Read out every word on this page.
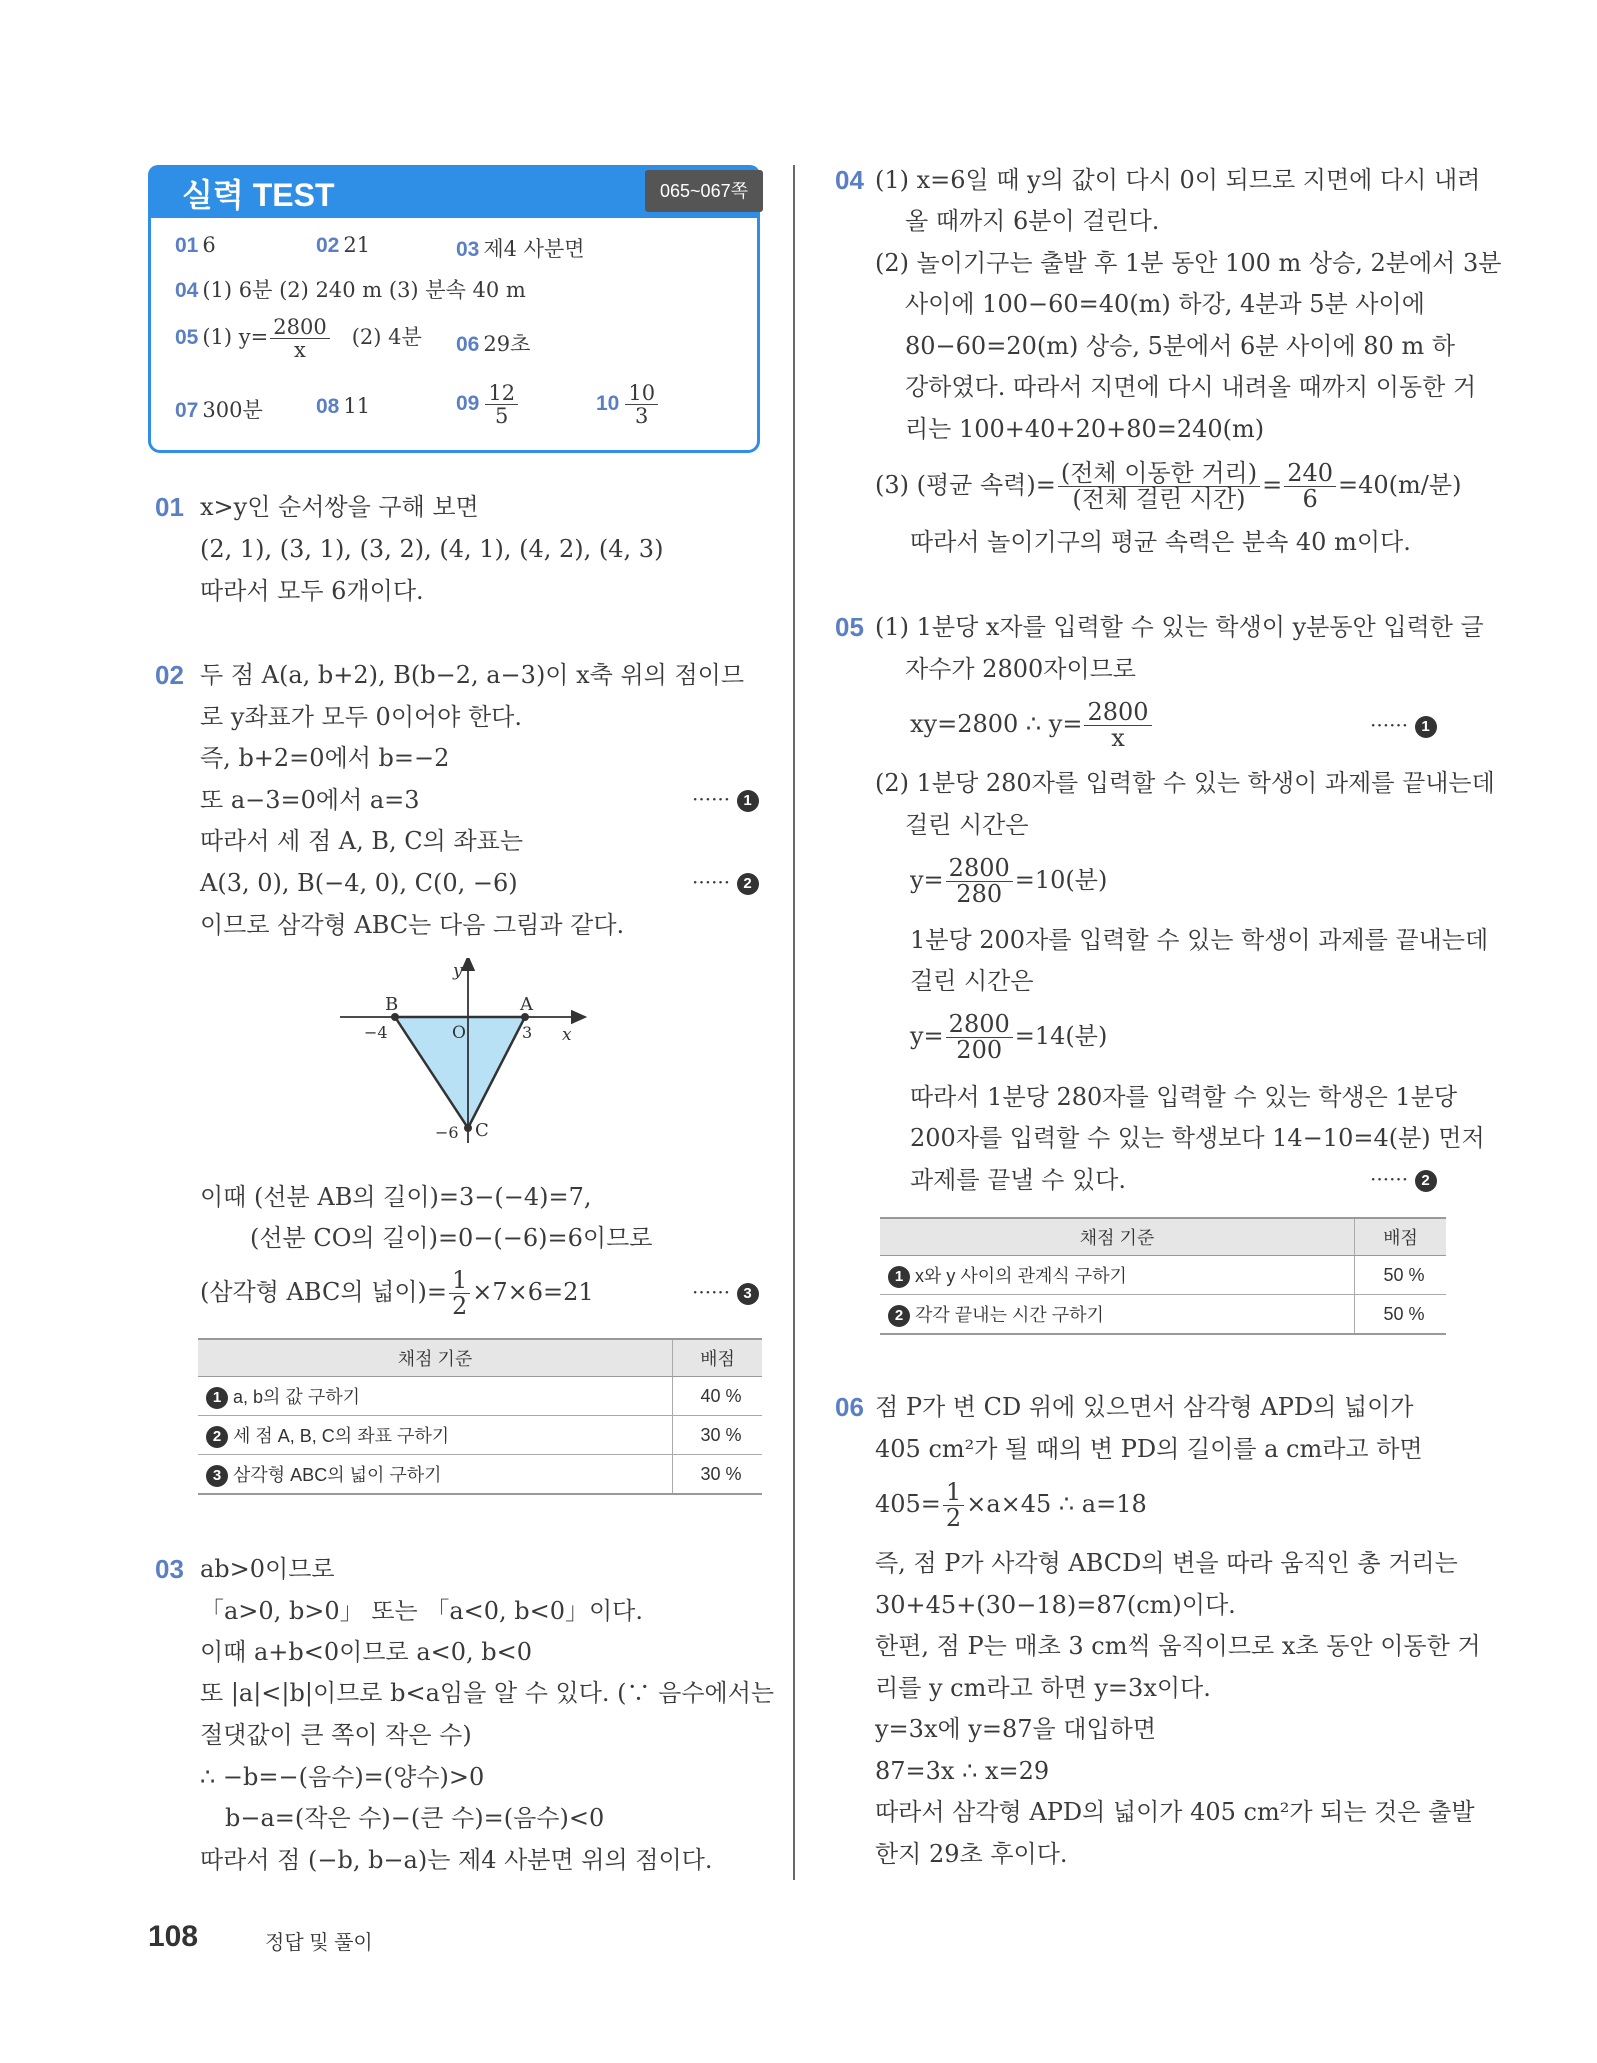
실력 TEST	065~067쪽
01 6	02 21	03 제4 사분면
04 (1) 6분 (2) 240 m (3) 분속 40 m
05 (1) $y= \frac{2800}{x} (2)$ 4분 06 29초
07 300분	08 11	$09 \frac{12}{5}$	$10 \frac{10}{3}$
01 x>y인 순서쌍을 구해 보면
(2, 1), (3, 1), (3, 2), (4, 1), (4, 2), (4, 3)
따라서 모두 6개이다.
02 두 점 A(a, b+2), B(b−2, a−3)이 x축 위의 점이므
로 y좌표가 모두 0이어야 한다.
즉, b+2=0에서 b=−2
또 a−3=0에서 a=3	······ 1
따라서 세 점 A, B, C의 좌표는
A(3, 0), B(−4, 0), C(0, −6)	······ 2
이므로 삼각형 ABC는 다음 그림과 같다.
y
x
B	A
O
−4	3
−6 C
이때 (선분 AB의 길이)=3−(−4)=7,
(선분 CO의 길이)=0−(−6)=6이므로
(삼각형 ABC의 넓이)= $\frac{1}{2} \times 7\times 6=21$	······ 3
채점 기준	배점
1 a, b의 값 구하기	40 %
2 세 점 A, B, C의 좌표 구하기	30 %
3 삼각형 ABC의 넓이 구하기	30 %
03 ab>0이므로
「a>0, b>0」 또는 「a<0, b<0」이다.
이때 a+b<0이므로 a<0, b<0
또 |a|<|b|이므로 b<a임을 알 수 있다. (∵ 음수에서는
절댓값이 큰 쪽이 작은 수)
∴ −b=−(음수)=(양수)>0
b−a=(작은 수)−(큰 수)=(음수)<0
따라서 점 (−b, b−a)는 제4 사분면 위의 점이다.
04 (1) x=6일 때 y의 값이 다시 0이 되므로 지면에 다시 내려
올 때까지 6분이 걸린다.
(2) 놀이기구는 출발 후 1분 동안 100 m 상승, 2분에서 3분
사이에 100−60=40(m) 하강, 4분과 5분 사이에
80−60=20(m) 상승, 5분에서 6분 사이에 80 m 하
강하였다. 따라서 지면에 다시 내려올 때까지 이동한 거
리는 100+40+20+80=240(m)
(3) (평균 속력)= $\frac{\text{(전체 이동한 거리)}}{\text{(전체 걸린 시간)}} = \frac{240}{6} =40(m/$분)
따라서 놀이기구의 평균 속력은 분속 40 m이다.
05 (1) 1분당 x자를 입력할 수 있는 학생이 y분동안 입력한 글
자수가 2800자이므로
xy=2800 ∴ $y= \frac{2800}{x}$	······ 1
(2) 1분당 280자를 입력할 수 있는 학생이 과제를 끝내는데
걸린 시간은
$y= \frac{2800}{280} =10$(분)
1분당 200자를 입력할 수 있는 학생이 과제를 끝내는데
걸린 시간은
$y= \frac{2800}{200} =14$(분)
따라서 1분당 280자를 입력할 수 있는 학생은 1분당
200자를 입력할 수 있는 학생보다 14−10=4(분) 먼저
과제를 끝낼 수 있다.	······ 2
채점 기준	배점
1 x와 y 사이의 관계식 구하기	50 %
2 각각 끝내는 시간 구하기	50 %
06 점 P가 변 CD 위에 있으면서 삼각형 APD의 넓이가
405 cm²가 될 때의 변 PD의 길이를 a cm라고 하면
$405= \frac{1}{2} \times a\times 45$ ∴ a=18
즉, 점 P가 사각형 ABCD의 변을 따라 움직인 총 거리는
30+45+(30−18)=87(cm)이다.
한편, 점 P는 매초 3 cm씩 움직이므로 x초 동안 이동한 거
리를 y cm라고 하면 y=3x이다.
y=3x에 y=87을 대입하면
87=3x ∴ x=29
따라서 삼각형 APD의 넓이가 405 cm²가 되는 것은 출발
한지 29초 후이다.
108	정답 및 풀이
